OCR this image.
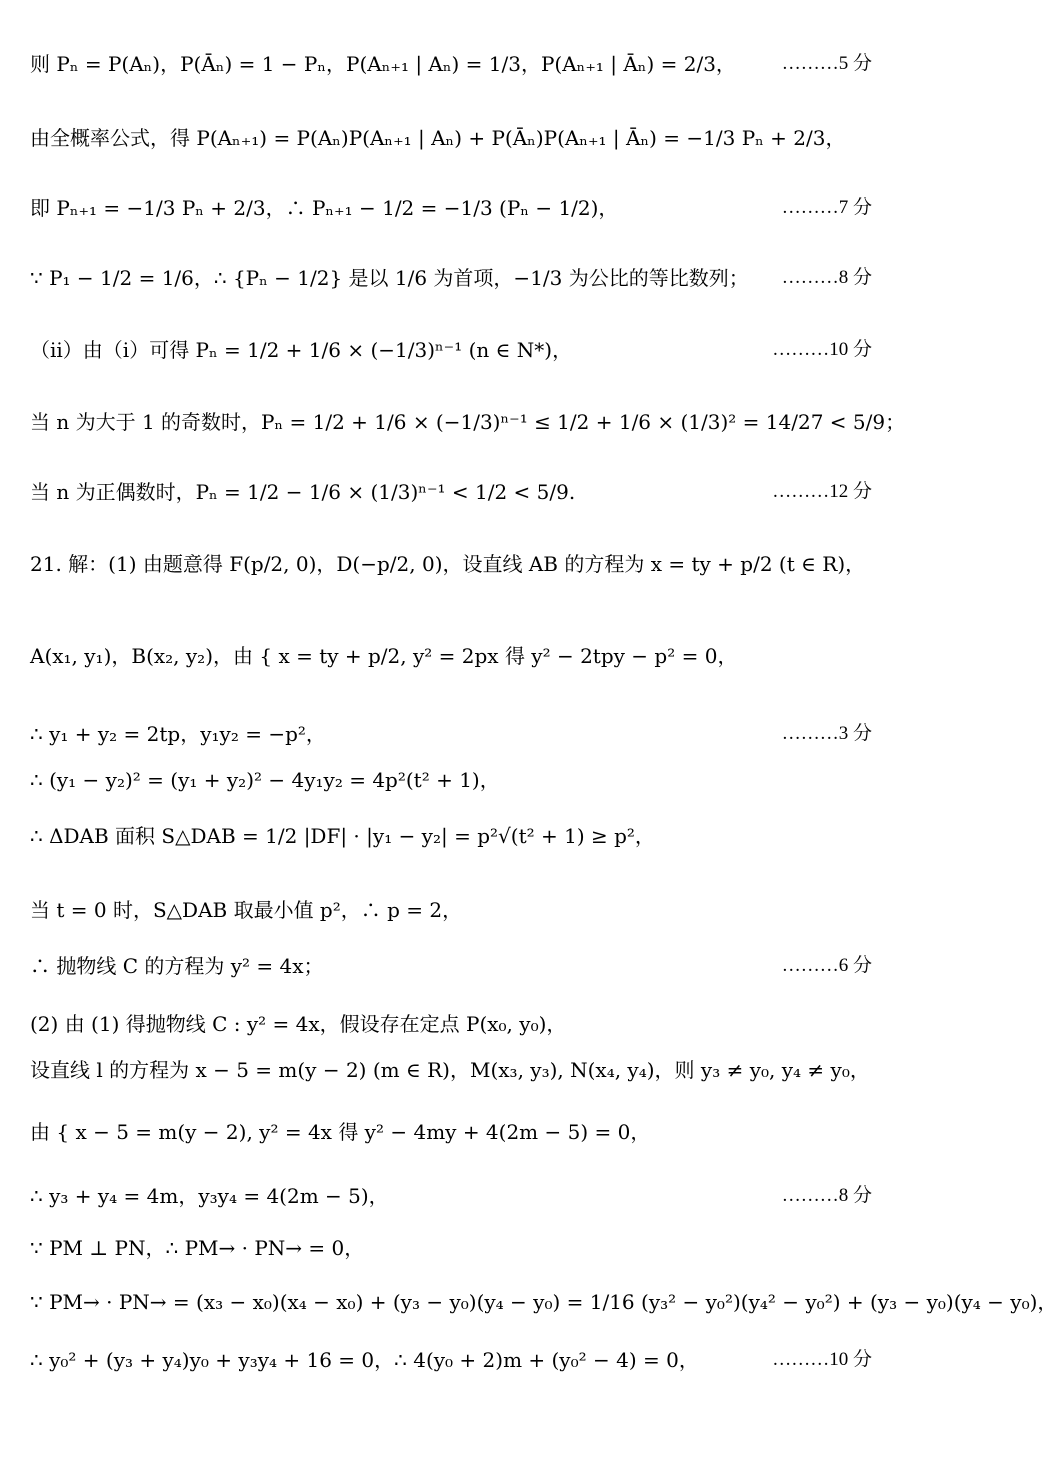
则 Pₙ = P(Aₙ)，P(Āₙ) = 1 − Pₙ，P(Aₙ₊₁ | Aₙ) = 1/3，P(Aₙ₊₁ | Āₙ) = 2/3， ………5 分
由全概率公式，得 P(Aₙ₊₁) = P(Aₙ)P(Aₙ₊₁ | Aₙ) + P(Āₙ)P(Aₙ₊₁ | Āₙ) = −1/3 Pₙ + 2/3，
即 Pₙ₊₁ = −1/3 Pₙ + 2/3，∴ Pₙ₊₁ − 1/2 = −1/3 (Pₙ − 1/2)，	………7 分
∵ P₁ − 1/2 = 1/6，∴ {Pₙ − 1/2} 是以 1/6 为首项，−1/3 为公比的等比数列； ………8 分
（ii）由（i）可得 Pₙ = 1/2 + 1/6 × (−1/3)ⁿ⁻¹ (n ∈ N*)，	………10 分
当 n 为大于 1 的奇数时，Pₙ = 1/2 + 1/6 × (−1/3)ⁿ⁻¹ ≤ 1/2 + 1/6 × (1/3)² = 14/27 < 5/9；
当 n 为正偶数时，Pₙ = 1/2 − 1/6 × (1/3)ⁿ⁻¹ < 1/2 < 5/9.	………12 分
21. 解：(1) 由题意得 F(p/2, 0)，D(−p/2, 0)，设直线 AB 的方程为 x = ty + p/2 (t ∈ R)，
A(x₁, y₁)，B(x₂, y₂)，由 { x = ty + p/2, y² = 2px 得 y² − 2tpy − p² = 0，
∴ y₁ + y₂ = 2tp，y₁y₂ = −p²，	………3 分
∴ (y₁ − y₂)² = (y₁ + y₂)² − 4y₁y₂ = 4p²(t² + 1)，
∴ ΔDAB 面积 S△DAB = 1/2 |DF| · |y₁ − y₂| = p²√(t² + 1) ≥ p²，
当 t = 0 时，S△DAB 取最小值 p²，∴ p = 2，
∴ 抛物线 C 的方程为 y² = 4x；	………6 分
(2) 由 (1) 得抛物线 C : y² = 4x，假设存在定点 P(x₀, y₀)，
设直线 l 的方程为 x − 5 = m(y − 2) (m ∈ R)，M(x₃, y₃), N(x₄, y₄)，则 y₃ ≠ y₀, y₄ ≠ y₀，
由 { x − 5 = m(y − 2), y² = 4x 得 y² − 4my + 4(2m − 5) = 0，
∴ y₃ + y₄ = 4m，y₃y₄ = 4(2m − 5)，	………8 分
∵ PM ⊥ PN，∴ PM→ · PN→ = 0，
∵ PM→ · PN→ = (x₃ − x₀)(x₄ − x₀) + (y₃ − y₀)(y₄ − y₀) = 1/16 (y₃² − y₀²)(y₄² − y₀²) + (y₃ − y₀)(y₄ − y₀)，
∴ y₀² + (y₃ + y₄)y₀ + y₃y₄ + 16 = 0，∴ 4(y₀ + 2)m + (y₀² − 4) = 0，	………10 分
